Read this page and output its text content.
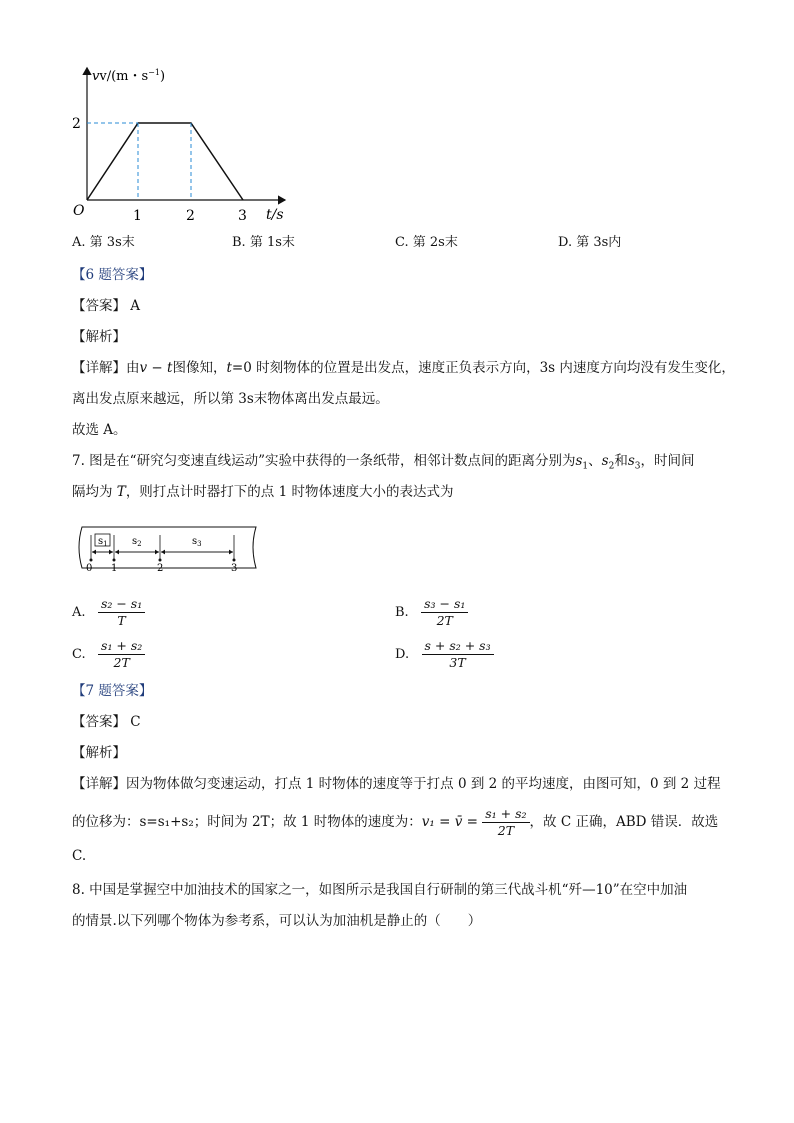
vv/(m・$s^{-1}$)
2
O	1	2	3 t/s
A. 第 3s末	B. 第 1s末	C. 第 2s末	D. 第 3s内
【6 题答案】
【答案】 A
【解析】
【详解】由v − t图像知，t=0 时刻物体的位置是出发点，速度正负表示方向，3s 内速度方向均没有发生变化，
离出发点原来越远，所以第 3s末物体离出发点最远。
故选 A。
7. 图是在“研究匀变速直线运动”实验中获得的一条纸带，相邻计数点间的距离分别为$s_1$、$s_2$和$s_3$，时间间
隔均为 T，则打点计时器打下的点 1 时物体速度大小的表达式为
$s_1$ $s_2$	$s_3$
0 1	2	3
A. $\frac{\text{s₂ − s₁}}{T}$	B. $\frac{\text{s₃ − s₁}}{2T}$
C. $\frac{\text{s₁ + s₂}}{2T}$	D. $\frac{\text{s + s₂ + s₃}}{3T}$
【7 题答案】
【答案】 C
【解析】
【详解】因为物体做匀变速运动，打点 1 时物体的速度等于打点 0 到 2 的平均速度，由图可知，0 到 2 过程
的位移为：s=s₁+s₂；时间为 2T；故 1 时物体的速度为：v₁ = v̄ = $\frac{\text{s₁ + s₂}}{2T}$ ，故 C 正确，ABD 错误．故选
C.
8. 中国是掌握空中加油技术的国家之一，如图所示是我国自行研制的第三代战斗机“歼—10”在空中加油
的情景.以下列哪个物体为参考系，可以认为加油机是静止的（　　）
